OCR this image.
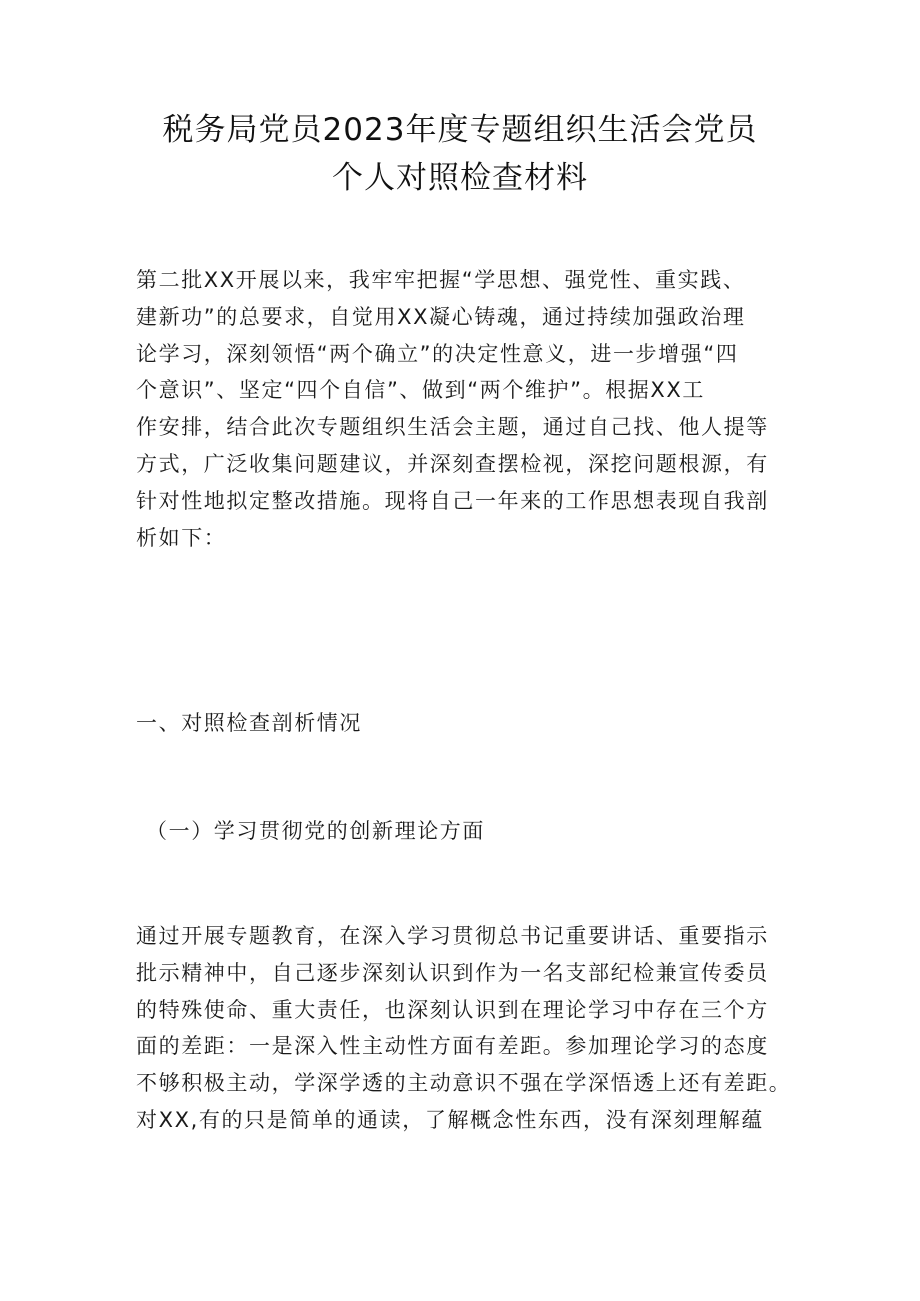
税务局党员2023年度专题组织生活会党员
个人对照检查材料
第二批XX开展以来，我牢牢把握“学思想、强党性、重实践、
建新功”的总要求，自觉用XX凝心铸魂，通过持续加强政治理
论学习，深刻领悟“两个确立”的决定性意义，进一步增强“四
个意识”、坚定“四个自信”、做到“两个维护”。根据XX工
作安排，结合此次专题组织生活会主题，通过自己找、他人提等
方式，广泛收集问题建议，并深刻查摆检视，深挖问题根源，有
针对性地拟定整改措施。现将自己一年来的工作思想表现自我剖
析如下：
一、对照检查剖析情况
（一）学习贯彻党的创新理论方面
通过开展专题教育，在深入学习贯彻总书记重要讲话、重要指示
批示精神中，自己逐步深刻认识到作为一名支部纪检兼宣传委员
的特殊使命、重大责任，也深刻认识到在理论学习中存在三个方
面的差距：一是深入性主动性方面有差距。参加理论学习的态度
不够积极主动，学深学透的主动意识不强在学深悟透上还有差距。
对XX,有的只是简单的通读，了解概念性东西，没有深刻理解蕴
